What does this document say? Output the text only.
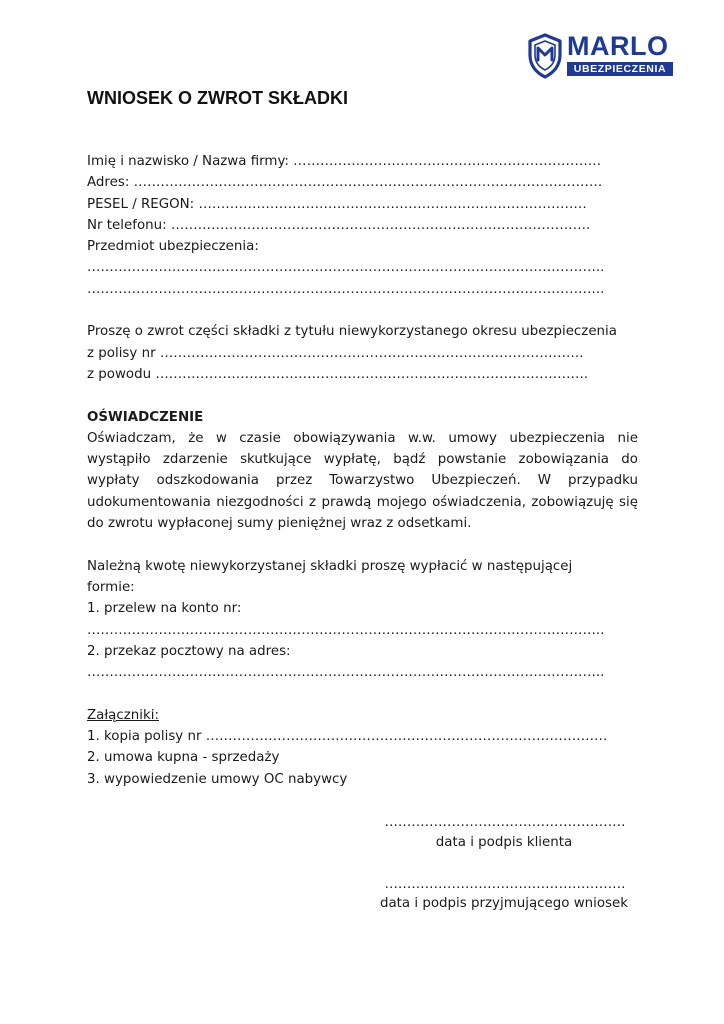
MARLO
UBEZPIECZENIA
WNIOSEK O ZWROT SKŁADKI
Imię i nazwisko / Nazwa firmy: ……………………………………………………………
Adres: ……………………………………………………………………………………………
PESEL / REGON: ……………………………………………………………………………
Nr telefonu: ………………………………………………………………………………….
Przedmiot ubezpieczenia:
……………………………………………………………………………………………………..
……………………………………………………………………………………………………..
Proszę o zwrot części składki z tytułu niewykorzystanego okresu ubezpieczenia
z polisy nr …………………………………………………………………………………..
z powodu …………………………………………………………………………………….
OŚWIADCZENIE
Oświadczam, że w czasie obowiązywania w.w. umowy ubezpieczenia nie wystąpiło zdarzenie skutkujące wypłatę, bądź powstanie zobowiązania do wypłaty odszkodowania przez Towarzystwo Ubezpieczeń. W przypadku udokumentowania niezgodności z prawdą mojego oświadczenia, zobowiązuję się do zwrotu wypłaconej sumy pieniężnej wraz z odsetkami.
Należną kwotę niewykorzystanej składki proszę wypłacić w następującej
formie:
1. przelew na konto nr:
……………………………………………………………………………………………………..
2. przekaz pocztowy na adres:
……………………………………………………………………………………………………..
Załączniki:
1. kopia polisy nr ………………………………………………………………………………
2. umowa kupna - sprzedaży
3. wypowiedzenie umowy OC nabywcy
………………………………………………
data i podpis klienta
………………………………………………
data i podpis przyjmującego wniosek
